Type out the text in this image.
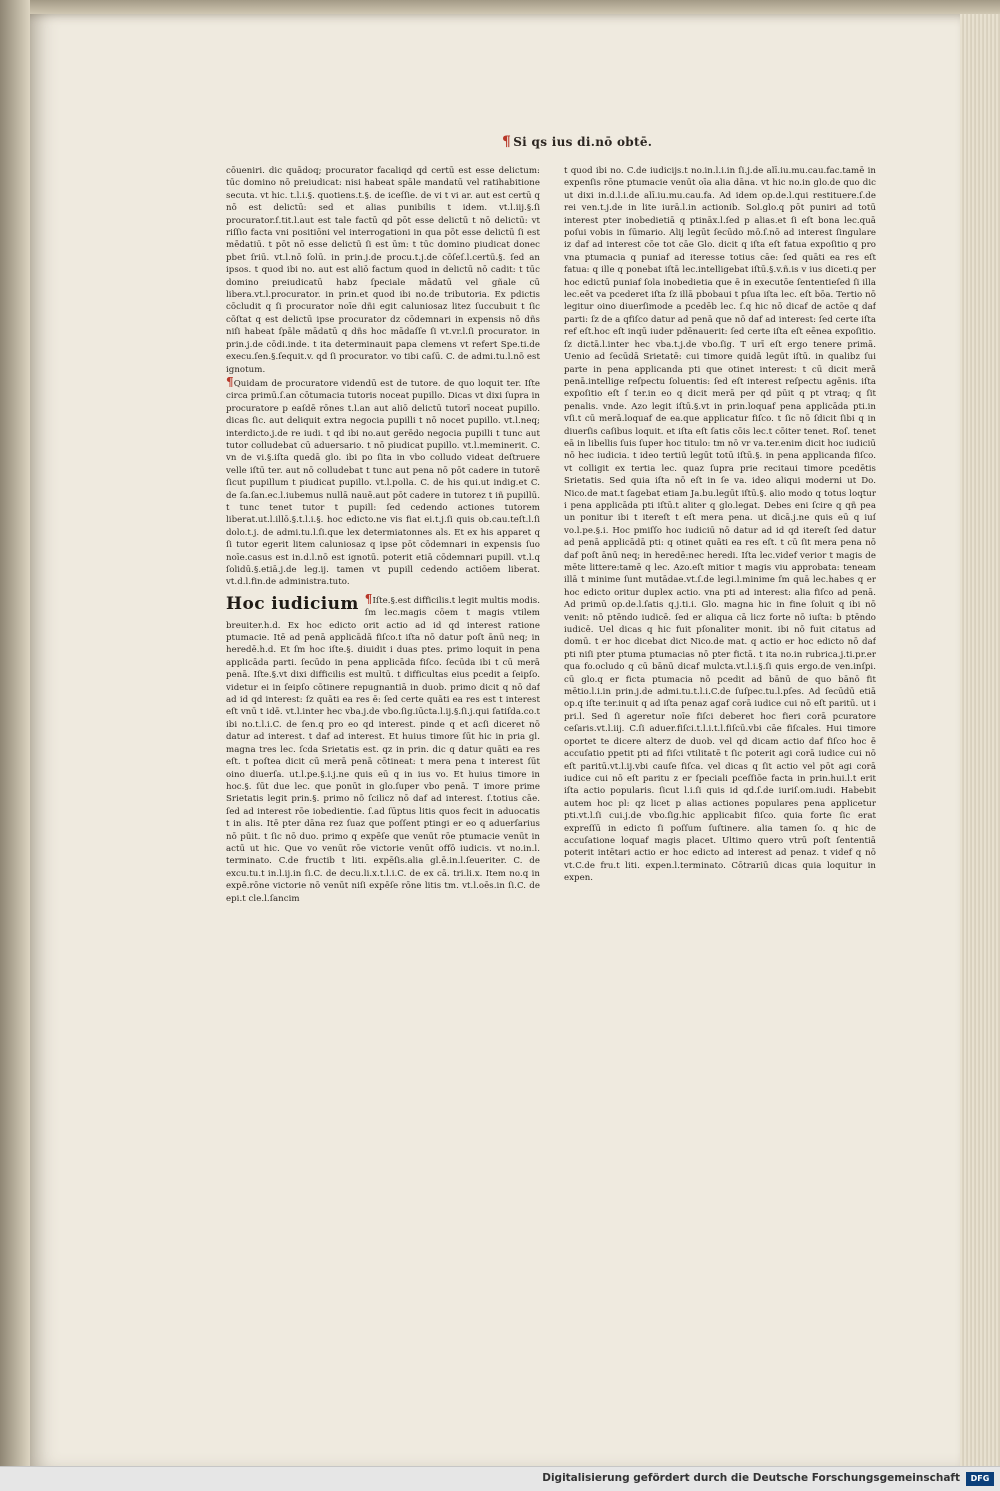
¶ Si qs ius di.nō obtē.

cōueniri. dic quādoq; procurator facaliqd qd certū est esse delictum: tūc domino nō preiudicat: nisi habeat spāle mandatū vel ratihabitione secuta. vt hic. t.l.i.§. quotiens.t.§. de iceſſie. de vi t vi ar. aut est certū q nō est delictū: sed et alias punibilis t idem. vt.l.iij.§.ſi procurator.ſ.tit.l.aut est tale factū qd pōt esse delictū t nō delictū: vt riſſio facta vni positiōni vel interrogationi in qua pōt esse delictū ſi est mēdatiū. t pōt nō esse delictū ſi est ūm: t tūc domino piudicat donec pbet ſriū. vt.l.nō ſolū. in prin.j.de procu.t.j.de cōſeſ.l.certū.§. ſed an ipsos. t quod ibi no. aut est aliō factum quod in delictū nō cadit: t tūc domino preiudicatū habz ſpeciale mādatū vel gñale cū libera.vt.l.procurator. in prin.et quod ibi no.de tributoria. Ex pdictis cōcludit q ſi procurator noīe dñi egit caluniosaz litez ſuccubuit t ſic cōſtat q est delictū ipse procurator dz cōdemnari in expensis nō dñs niſi habeat ſpāle mādatū q dñs hoc mādaſſe ſi vt.vr.l.ſi procurator. in prin.j.de cōdi.inde. t ita determinauit papa clemens vt refert Spe.ti.de execu.ſen.§.ſequit.v. qd ſi procurator. vo tibi caſū. C. de admi.tu.l.nō est ignotum.

¶Quidam de procuratore videndū est de tutore. de quo loquit ter. Iſte circa primū.ſ.an cōtumacia tutoris noceat pupillo. Dicas vt dixi ſupra in procuratore p eaſdē rōnes t.l.an aut aliō delictū tutorī noceat pupillo. dicas ſic. aut deliquit extra negocia pupilli t nō nocet pupillo. vt.l.neq; interdicto.j.de re iudi. t qd ibi no.aut gerēdo negocia pupilli t tunc aut tutor colludebat cū aduersario. t nō piudicat pupillo. vt.l.meminerit. C. vn de vi.§.iſta quedā glo. ibi po ſita in vbo colludo videat deſtruere velle iſtū ter. aut nō colludebat t tunc aut pena nō pōt cadere in tutorē ſicut pupillum t piudicat pupillo. vt.l.polla. C. de his qui.ut indig.et C. de ſa.ſan.ec.l.iubemus nullā nauē.aut pōt cadere in tutorez t iñ pupillū. t tunc tenet tutor t pupill: ſed cedendo actiones tutorem liberat.ut.l.illō.§.t.l.i.§. hoc edicto.ne vis fiat ei.t.j.ſi quis ob.cau.teſt.l.ſi dolo.t.j. de admi.tu.l.ſi.que lex determiatonnes als. Et ex his apparet q ſi tutor egerit litem caluniosaz q ipse pōt cōdemnari in expensis ſuo noīe.casus est in.d.l.nō est ignotū. poterit etiā cōdemnari pupill. vt.l.q ſolidū.§.etiā.j.de leg.ij. tamen vt pupill cedendo actiōem liberat. vt.d.l.fin.de administra.tuto.

Hoc iudicium ¶Iſte.§.est difficilis.t legit multis modis. ſm lec.magis cōem t magis vtilem breuiter.h.d. Ex hoc edicto orit actio ad id qd interest ratione ptumacie. Itē ad penā applicādā fiſco.t iſta nō datur poſt ānū neq; in heredē.h.d. Et ſm hoc iſte.§. diuidit i duas ptes. primo loquit in pena applicāda parti. ſecūdo in pena applicāda fiſco. ſecūda ibi t cū merā penā. Iſte.§.vt dixi difficilis est multū. t difficultas eius pcedit a ſeipſo. videtur ei in ſeipſo cōtinere repugnantiā in duob. primo dicit q nō daf ad id qd interest: ſz quāti ea res ē: ſed certe quāti ea res est t interest eſt vnū t idē. vt.l.inter hec vba.j.de vbo.ſig.iūcta.l.ij.§.ſi.j.qui ſatiſda.co.t ibi no.t.l.i.C. de ſen.q pro eo qd interest. pinde q et acſi diceret nō datur ad interest. t daf ad interest. Et huius timore ſūt hic in pria gl. magna tres lec. ſcda Srietatis est. qz in prin. dic q datur quāti ea res eſt. t poſtea dicit cū merā penā cōtineat: t mera pena t interest ſūt oino diuerſa. ut.l.pe.§.i.j.ne quis eū q in ius vo. Et huius timore in hoc.§. ſūt due lec. que ponūt in glo.ſuper vbo penā. T imore prime Srietatis legit prin.§. primo nō ſcilicz nō daf ad interest. ſ.totius cāe. ſed ad interest rōe iobedientie. ſ.ad ſūptus litis quos fecit in aduocatis t in alis. Itē pter dāna rez ſuaz que poſſent ptingi er eo q aduerſarius nō pūit. t ſic nō duo. primo q expēſe que venūt rōe ptumacie venūt in actū ut hic. Que vo venūt rōe victorie venūt offō iudicis. vt no.in.l. terminato. C.de fructib t liti. expēſis.alia gl.ē.in.l.ſeueriter. C. de excu.tu.t in.l.ij.in ſi.C. de decu.li.x.t.l.i.C. de ex cā. tri.li.x. Item no.q in expē.rōne victorie nō venūt niſi expēſe rōne litis tm. vt.l.oēs.in ſi.C. de epi.t cle.l.ſancim

t quod ibi no. C.de iudicijs.t no.in.l.i.in ſi.j.de alī.iu.mu.cau.fac.tamē in expenſis rōne ptumacie venūt oīa alia dāna. vt hic no.in glo.de quo dic ut dixi in.d.l.i.de alī.iu.mu.cau.fa. Ad idem op.de.l.qui restituere.ſ.de rei ven.t.j.de in lite iurā.l.in actionib. Sol.glo.q pōt puniri ad totū interest pter inobedietiā q ptināx.l.ſed p alias.et ſi eſt bona lec.quā poſui vobis in ſūmario. Alij legūt ſecūdo mō.ſ.nō ad interest ſingulare iz daf ad interest cōe tot cāe Glo. dicit q iſta eſt fatua expoſitio q pro vna ptumacia q puniaf ad iteresse totius cāe: ſed quāti ea res eſt fatua: q ille q ponebat iſtā lec.intelligebat iſtū.§.v.ñ.is v ius diceti.q per hoc edictū puniaf ſola inobedietia que ē in executōe ſententieſed ſi illa lec.eēt va pcederet iſta ſz illā pbobaui t pſua iſta lec. eſt bōa. Tertio nō legitur oino diuerſimode a pcedēb lec. ſ.q hic nō dicaf de actōe q daf parti: ſz de a qfiſco datur ad penā que nō daf ad interest: ſed certe iſta ref eſt.hoc eſt inqū iuder pdēnauerit: ſed certe iſta eſt eēnea expoſitio. ſz dictā.l.inter hec vba.t.j.de vbo.ſig. T urī eſt ergo tenere primā. Uenio ad ſecūdā Srietatē: cui timore quidā legūt iſtū. in qualibz ſui parte in pena applicanda pti que otinet interest: t cū dicit merā penā.intellige reſpectu ſoluentis: ſed eſt interest reſpectu agēnis. iſta expoſitio eſt ſ ter.in eo q dicit merā per qd pūit q pt vtraq; q ſit penalis. vnde. Azo legit iſtū.§.vt in prin.loquaf pena applicāda pti.in vſi.t cū merā.loquaf de ea.que applicatur fiſco. t ſic nō ſdicit ſibi q in diuerſis caſibus loquit. et iſta eſt ſatis cōis lec.t cōiter tenet. Roſ. tenet eā in libellis ſuis ſuper hoc titulo: tm nō vr va.ter.enim dicit hoc iudiciū nō hec iudicia. t ideo tertiū legūt totū iſtū.§. in pena applicanda fiſco. vt colligit ex tertia lec. quaz ſupra prie recitaui timore pcedētis Srietatis. Sed quia iſta nō eſt in ſe va. ideo aliqui moderni ut Do. Nico.de mat.t ſagebat etiam Ja.bu.legūt iſtū.§. alio modo q totus loqtur i pena applicāda pti iſtū.t aliter q glo.legat. Debes eni ſcire q qñ pea un ponitur ibi t itereſt t eſt mera pena. ut dicā.j.ne quis eū q iuſ vo.l.pe.§.i. Hoc pmiſſo hoc iudiciū nō datur ad id qd itereſt ſed datur ad penā applicādā pti: q otinet quāti ea res eſt. t cū ſit mera pena nō daf poſt ānū neq; in heredē:nec heredi. Iſta lec.videf verior t magis de mēte littere:tamē q lec. Azo.eſt mitior t magis viu approbata: teneam illā t minime ſunt mutādae.vt.ſ.de legi.l.minime ſm quā lec.habes q er hoc edicto oritur duplex actio. vna pti ad interest: alia fiſco ad penā. Ad primū op.de.l.ſatis q.j.ti.i. Glo. magna hic in fine ſoluit q ibi nō venit: nō ptēndo iudicē. ſed er aliqua cā licz forte nō iuſta: b ptēndo iudicē. Uel dicas q hic fuit pſonaliter monit. ibi nō fuit citatus ad domū. t er hoc dicebat dict Nico.de mat. q actio er hoc edicto nō daf pti niſi pter ptuma ptumacias nō pter fictā. t ita no.in rubrica.j.ti.pr.er qua fo.ocludo q cū bānū dicaf mulcta.vt.l.i.§.ſi quis ergo.de ven.inſpi. cū glo.q er ficta ptumacia nō pcedit ad bānū de quo bānō fit mētio.l.i.in prin.j.de admi.tu.t.l.i.C.de ſuſpec.tu.l.pſes. Ad ſecūdū etiā op.q iſte ter.inuit q ad iſta penaz agaf corā iudice cui nō eſt paritū. ut i pri.l. Sed ſi ageretur noīe fiſci deberet hoc fieri corā pcuratore ceſaris.vt.l.iij. C.ſi aduer.fiſci.t.l.i.t.l.fiſcū.vbi cāe fiſcales. Hui timore oportet te dicere alterz de duob. vel qd dicam actio daf fiſco hoc ē accuſatio ppetit pti ad fiſci vtilitatē t ſic poterit agi corā iudice cui nō eſt paritū.vt.l.ij.vbi cauſe fiſca. vel dicas q ſit actio vel pōt agi corā iudice cui nō eſt paritu z er ſpeciali pceſſiōe facta in prin.hui.l.t erit iſta actio popularis. ſicut l.i.ſi quis id qd.ſ.de iuriſ.om.iudi. Habebit autem hoc pl: qz licet p alias actiones populares pena applicetur pti.vt.l.ſi cui.j.de vbo.ſig.hic applicabit fiſco. quia forte ſic erat expreſſū in edicto ſi poſſum ſuſtinere. alia tamen ſo. q hic de accuſatione loquaf magis placet. Ultimo quero vtrū poſt ſententiā poterit intētari actio er hoc edicto ad interest ad penaz. t videf q nō vt.C.de fru.t liti. expen.l.terminato. Cōtrariū dicas quia loquitur in expen.

Digitalisierung gefördert durch die Deutsche Forschungsgemeinschaft	DFG
